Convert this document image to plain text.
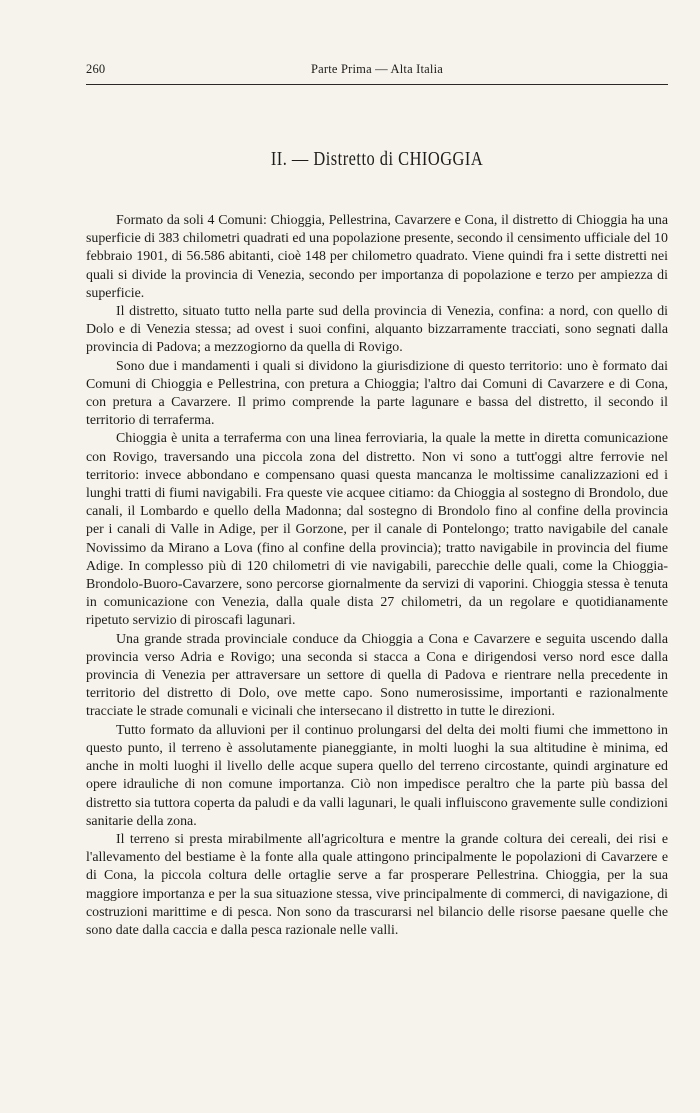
260	Parte Prima — Alta Italia
II. — Distretto di CHIOGGIA

Formato da soli 4 Comuni: Chioggia, Pellestrina, Cavarzere e Cona, il distretto di Chioggia ha una superficie di 383 chilometri quadrati ed una popolazione presente, secondo il censimento ufficiale del 10 febbraio 1901, di 56.586 abitanti, cioè 148 per chilometro quadrato. Viene quindi fra i sette distretti nei quali si divide la provincia di Venezia, secondo per importanza di popolazione e terzo per ampiezza di superficie.

Il distretto, situato tutto nella parte sud della provincia di Venezia, confina: a nord, con quello di Dolo e di Venezia stessa; ad ovest i suoi confini, alquanto bizzarramente tracciati, sono segnati dalla provincia di Padova; a mezzogiorno da quella di Rovigo.

Sono due i mandamenti i quali si dividono la giurisdizione di questo territorio: uno è formato dai Comuni di Chioggia e Pellestrina, con pretura a Chioggia; l'altro dai Comuni di Cavarzere e di Cona, con pretura a Cavarzere. Il primo comprende la parte lagunare e bassa del distretto, il secondo il territorio di terraferma.

Chioggia è unita a terraferma con una linea ferroviaria, la quale la mette in diretta comunicazione con Rovigo, traversando una piccola zona del distretto. Non vi sono a tutt'oggi altre ferrovie nel territorio: invece abbondano e compensano quasi questa mancanza le moltissime canalizzazioni ed i lunghi tratti di fiumi navigabili. Fra queste vie acquee citiamo: da Chioggia al sostegno di Brondolo, due canali, il Lombardo e quello della Madonna; dal sostegno di Brondolo fino al confine della provincia per i canali di Valle in Adige, per il Gorzone, per il canale di Pontelongo; tratto navigabile del canale Novissimo da Mirano a Lova (fino al confine della provincia); tratto navigabile in provincia del fiume Adige. In complesso più di 120 chilometri di vie navigabili, parecchie delle quali, come la Chioggia-Brondolo-Buoro-Cavarzere, sono percorse giornalmente da servizi di vaporini. Chioggia stessa è tenuta in comunicazione con Venezia, dalla quale dista 27 chilometri, da un regolare e quotidianamente ripetuto servizio di piroscafi lagunari.

Una grande strada provinciale conduce da Chioggia a Cona e Cavarzere e seguita uscendo dalla provincia verso Adria e Rovigo; una seconda si stacca a Cona e dirigendosi verso nord esce dalla provincia di Venezia per attraversare un settore di quella di Padova e rientrare nella precedente in territorio del distretto di Dolo, ove mette capo. Sono numerosissime, importanti e razionalmente tracciate le strade comunali e vicinali che intersecano il distretto in tutte le direzioni.

Tutto formato da alluvioni per il continuo prolungarsi del delta dei molti fiumi che immettono in questo punto, il terreno è assolutamente pianeggiante, in molti luoghi la sua altitudine è minima, ed anche in molti luoghi il livello delle acque supera quello del terreno circostante, quindi arginature ed opere idrauliche di non comune importanza. Ciò non impedisce peraltro che la parte più bassa del distretto sia tuttora coperta da paludi e da valli lagunari, le quali influiscono gravemente sulle condizioni sanitarie della zona.

Il terreno si presta mirabilmente all'agricoltura e mentre la grande coltura dei cereali, dei risi e l'allevamento del bestiame è la fonte alla quale attingono principalmente le popolazioni di Cavarzere e di Cona, la piccola coltura delle ortaglie serve a far prosperare Pellestrina. Chioggia, per la sua maggiore importanza e per la sua situazione stessa, vive principalmente di commerci, di navigazione, di costruzioni marittime e di pesca. Non sono da trascurarsi nel bilancio delle risorse paesane quelle che sono date dalla caccia e dalla pesca razionale nelle valli.
